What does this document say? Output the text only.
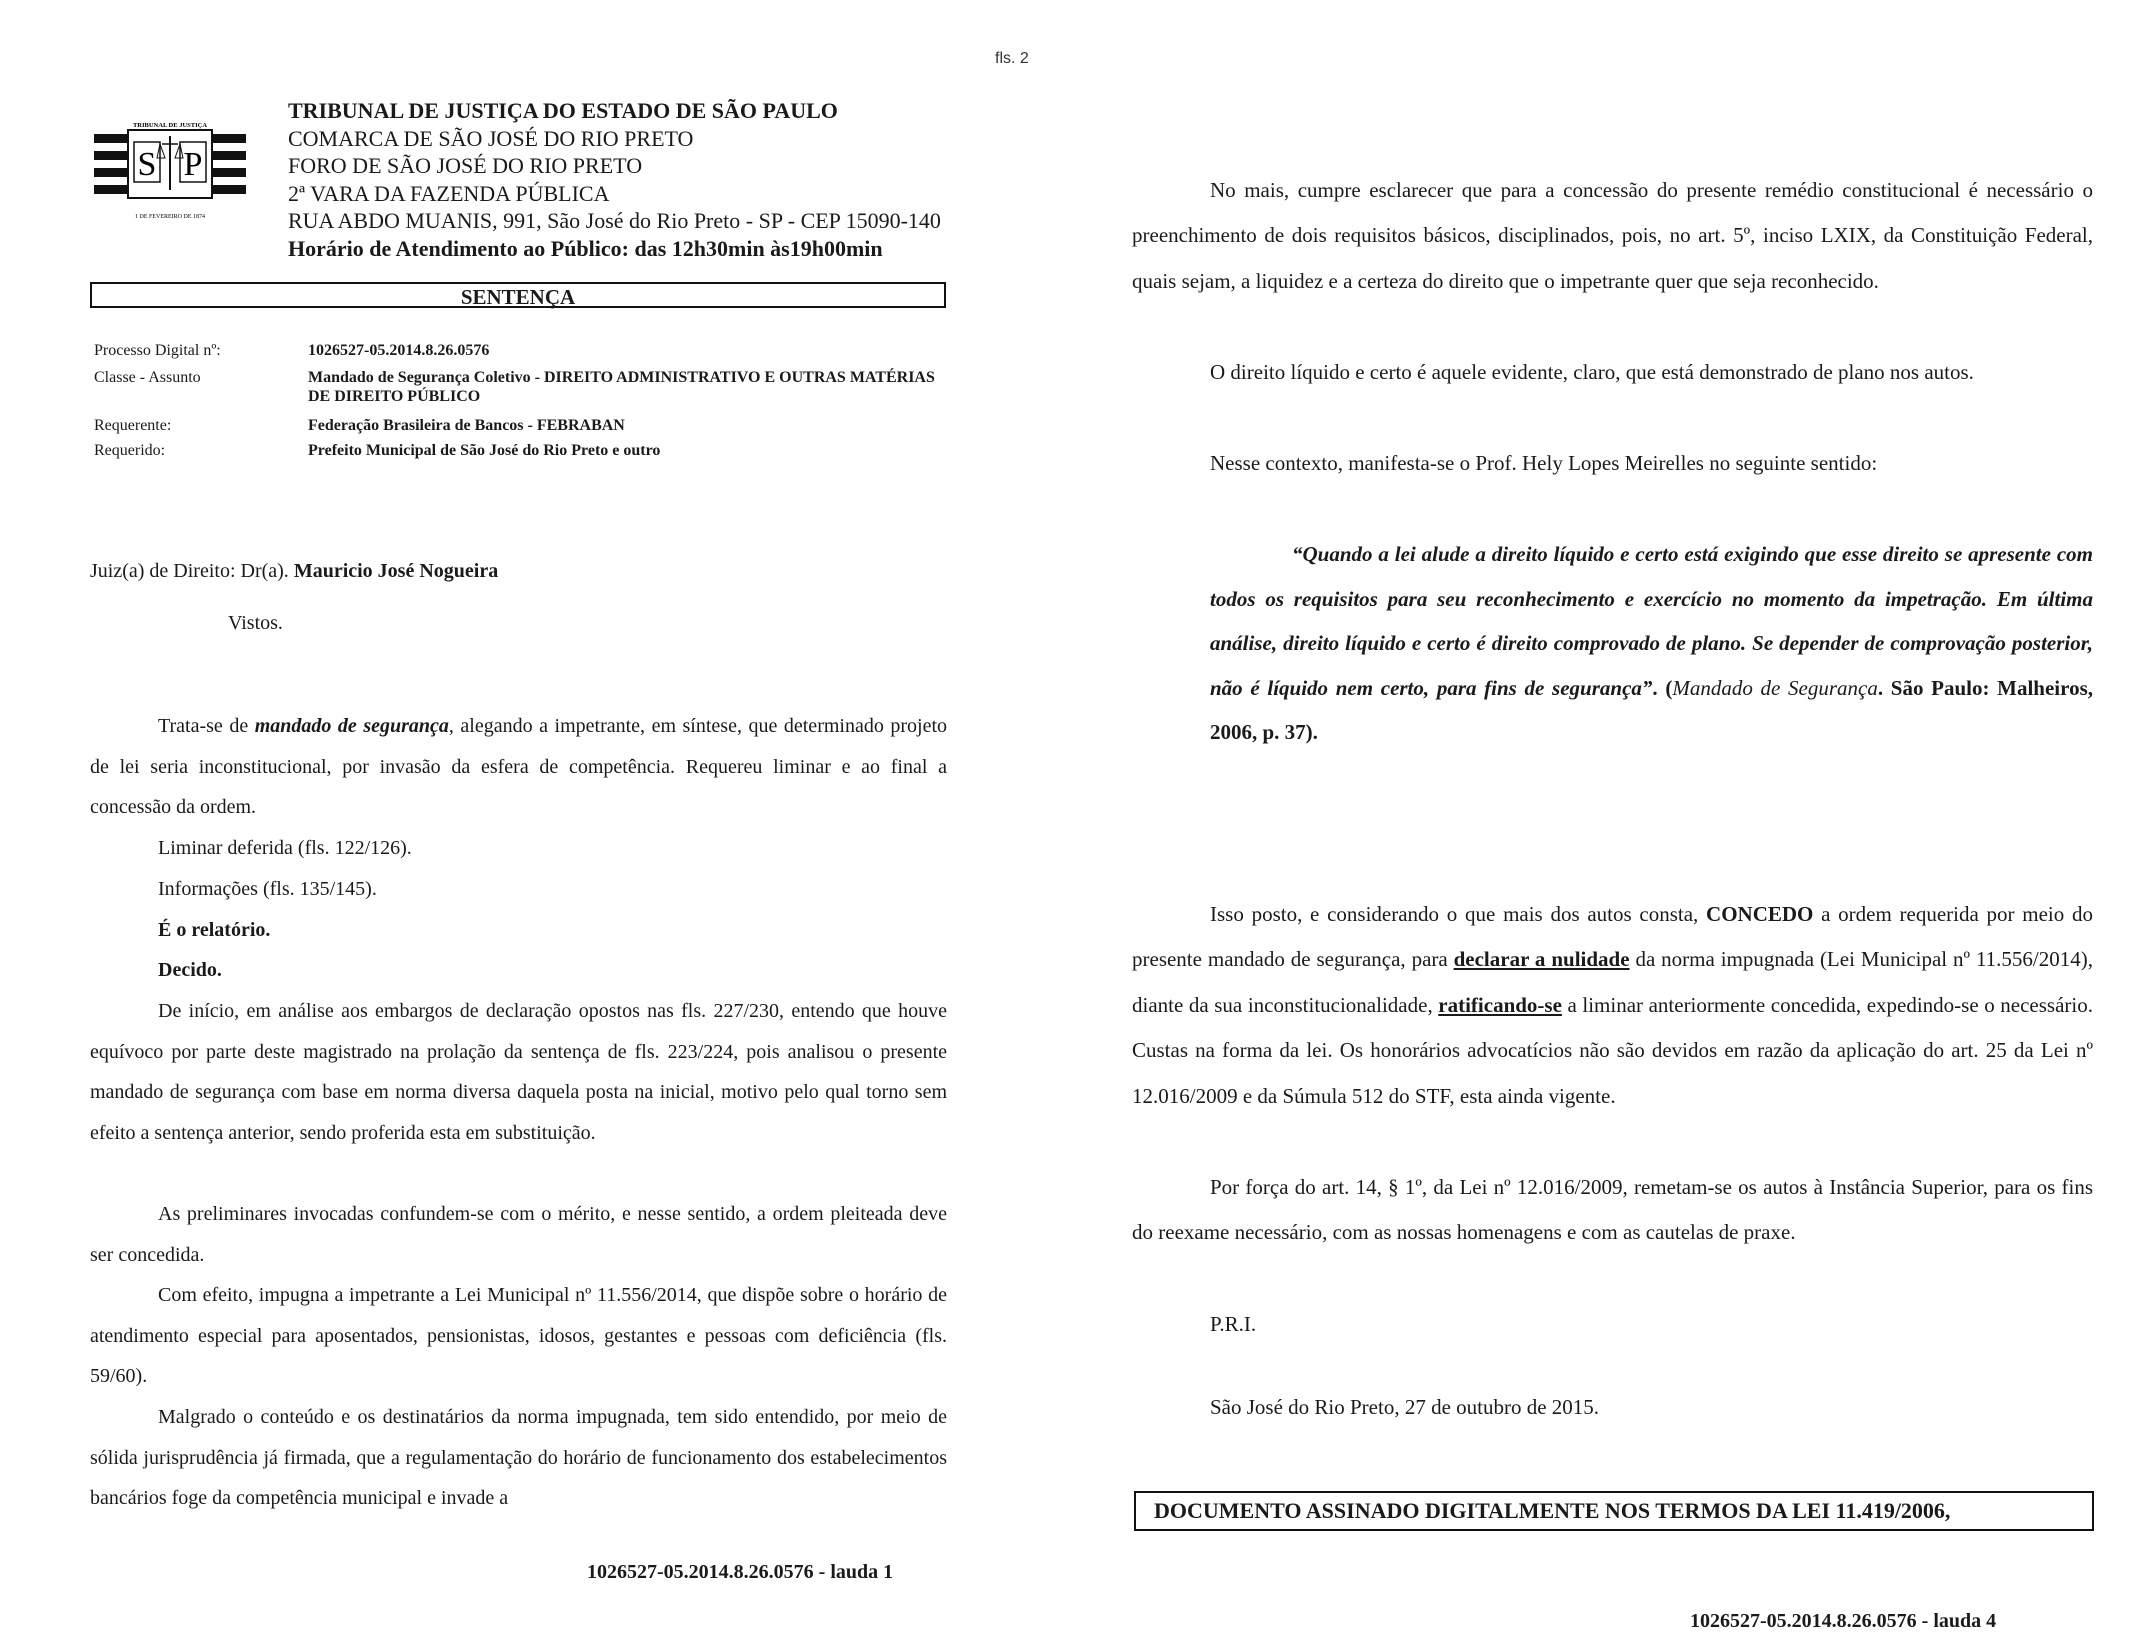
fls. 2
TRIBUNAL DE JUSTIÇA
S P
1 DE FEVEREIRO DE 1874
TRIBUNAL DE JUSTIÇA DO ESTADO DE SÃO PAULO
COMARCA DE SÃO JOSÉ DO RIO PRETO
FORO DE SÃO JOSÉ DO RIO PRETO
2ª VARA DA FAZENDA PÚBLICA
RUA ABDO MUANIS, 991, São José do Rio Preto - SP - CEP 15090-140
Horário de Atendimento ao Público: das 12h30min às19h00min
SENTENÇA
Processo Digital nº:	1026527-05.2014.8.26.0576
Classe - Assunto	Mandado de Segurança Coletivo - DIREITO ADMINISTRATIVO E OUTRAS MATÉRIAS DE DIREITO PÚBLICO
Requerente:	Federação Brasileira de Bancos - FEBRABAN
Requerido:	Prefeito Municipal de São José do Rio Preto e outro
Juiz(a) de Direito: Dr(a). Mauricio José Nogueira
Vistos.
Trata-se de mandado de segurança, alegando a impetrante, em síntese, que determinado projeto de lei seria inconstitucional, por invasão da esfera de competência. Requereu liminar e ao final a concessão da ordem.
Liminar deferida (fls. 122/126).
Informações (fls. 135/145).
É o relatório.
Decido.
De início, em análise aos embargos de declaração opostos nas fls. 227/230, entendo que houve equívoco por parte deste magistrado na prolação da sentença de fls. 223/224, pois analisou o presente mandado de segurança com base em norma diversa daquela posta na inicial, motivo pelo qual torno sem efeito a sentença anterior, sendo proferida esta em substituição.
As preliminares invocadas confundem-se com o mérito, e nesse sentido, a ordem pleiteada deve ser concedida.
Com efeito, impugna a impetrante a Lei Municipal nº 11.556/2014, que dispõe sobre o horário de atendimento especial para aposentados, pensionistas, idosos, gestantes e pessoas com deficiência (fls. 59/60).
Malgrado o conteúdo e os destinatários da norma impugnada, tem sido entendido, por meio de sólida jurisprudência já firmada, que a regulamentação do horário de funcionamento dos estabelecimentos bancários foge da competência municipal e invade a
1026527-05.2014.8.26.0576 - lauda 1
No mais, cumpre esclarecer que para a concessão do presente remédio constitucional é necessário o preenchimento de dois requisitos básicos, disciplinados, pois, no art. 5º, inciso LXIX, da Constituição Federal, quais sejam, a liquidez e a certeza do direito que o impetrante quer que seja reconhecido.
O direito líquido e certo é aquele evidente, claro, que está demonstrado de plano nos autos.
Nesse contexto, manifesta-se o Prof. Hely Lopes Meirelles no seguinte sentido:
“Quando a lei alude a direito líquido e certo está exigindo que esse direito se apresente com todos os requisitos para seu reconhecimento e exercício no momento da impetração. Em última análise, direito líquido e certo é direito comprovado de plano. Se depender de comprovação posterior, não é líquido nem certo, para fins de segurança”. (Mandado de Segurança. São Paulo: Malheiros, 2006, p. 37).
Isso posto, e considerando o que mais dos autos consta, CONCEDO a ordem requerida por meio do presente mandado de segurança, para declarar a nulidade da norma impugnada (Lei Municipal nº 11.556/2014), diante da sua inconstitucionalidade, ratificando-se a liminar anteriormente concedida, expedindo-se o necessário. Custas na forma da lei. Os honorários advocatícios não são devidos em razão da aplicação do art. 25 da Lei nº 12.016/2009 e da Súmula 512 do STF, esta ainda vigente.
Por força do art. 14, § 1º, da Lei nº 12.016/2009, remetam-se os autos à Instância Superior, para os fins do reexame necessário, com as nossas homenagens e com as cautelas de praxe.
P.R.I.
São José do Rio Preto, 27 de outubro de 2015.
DOCUMENTO ASSINADO DIGITALMENTE NOS TERMOS DA LEI 11.419/2006,
1026527-05.2014.8.26.0576 - lauda 4
